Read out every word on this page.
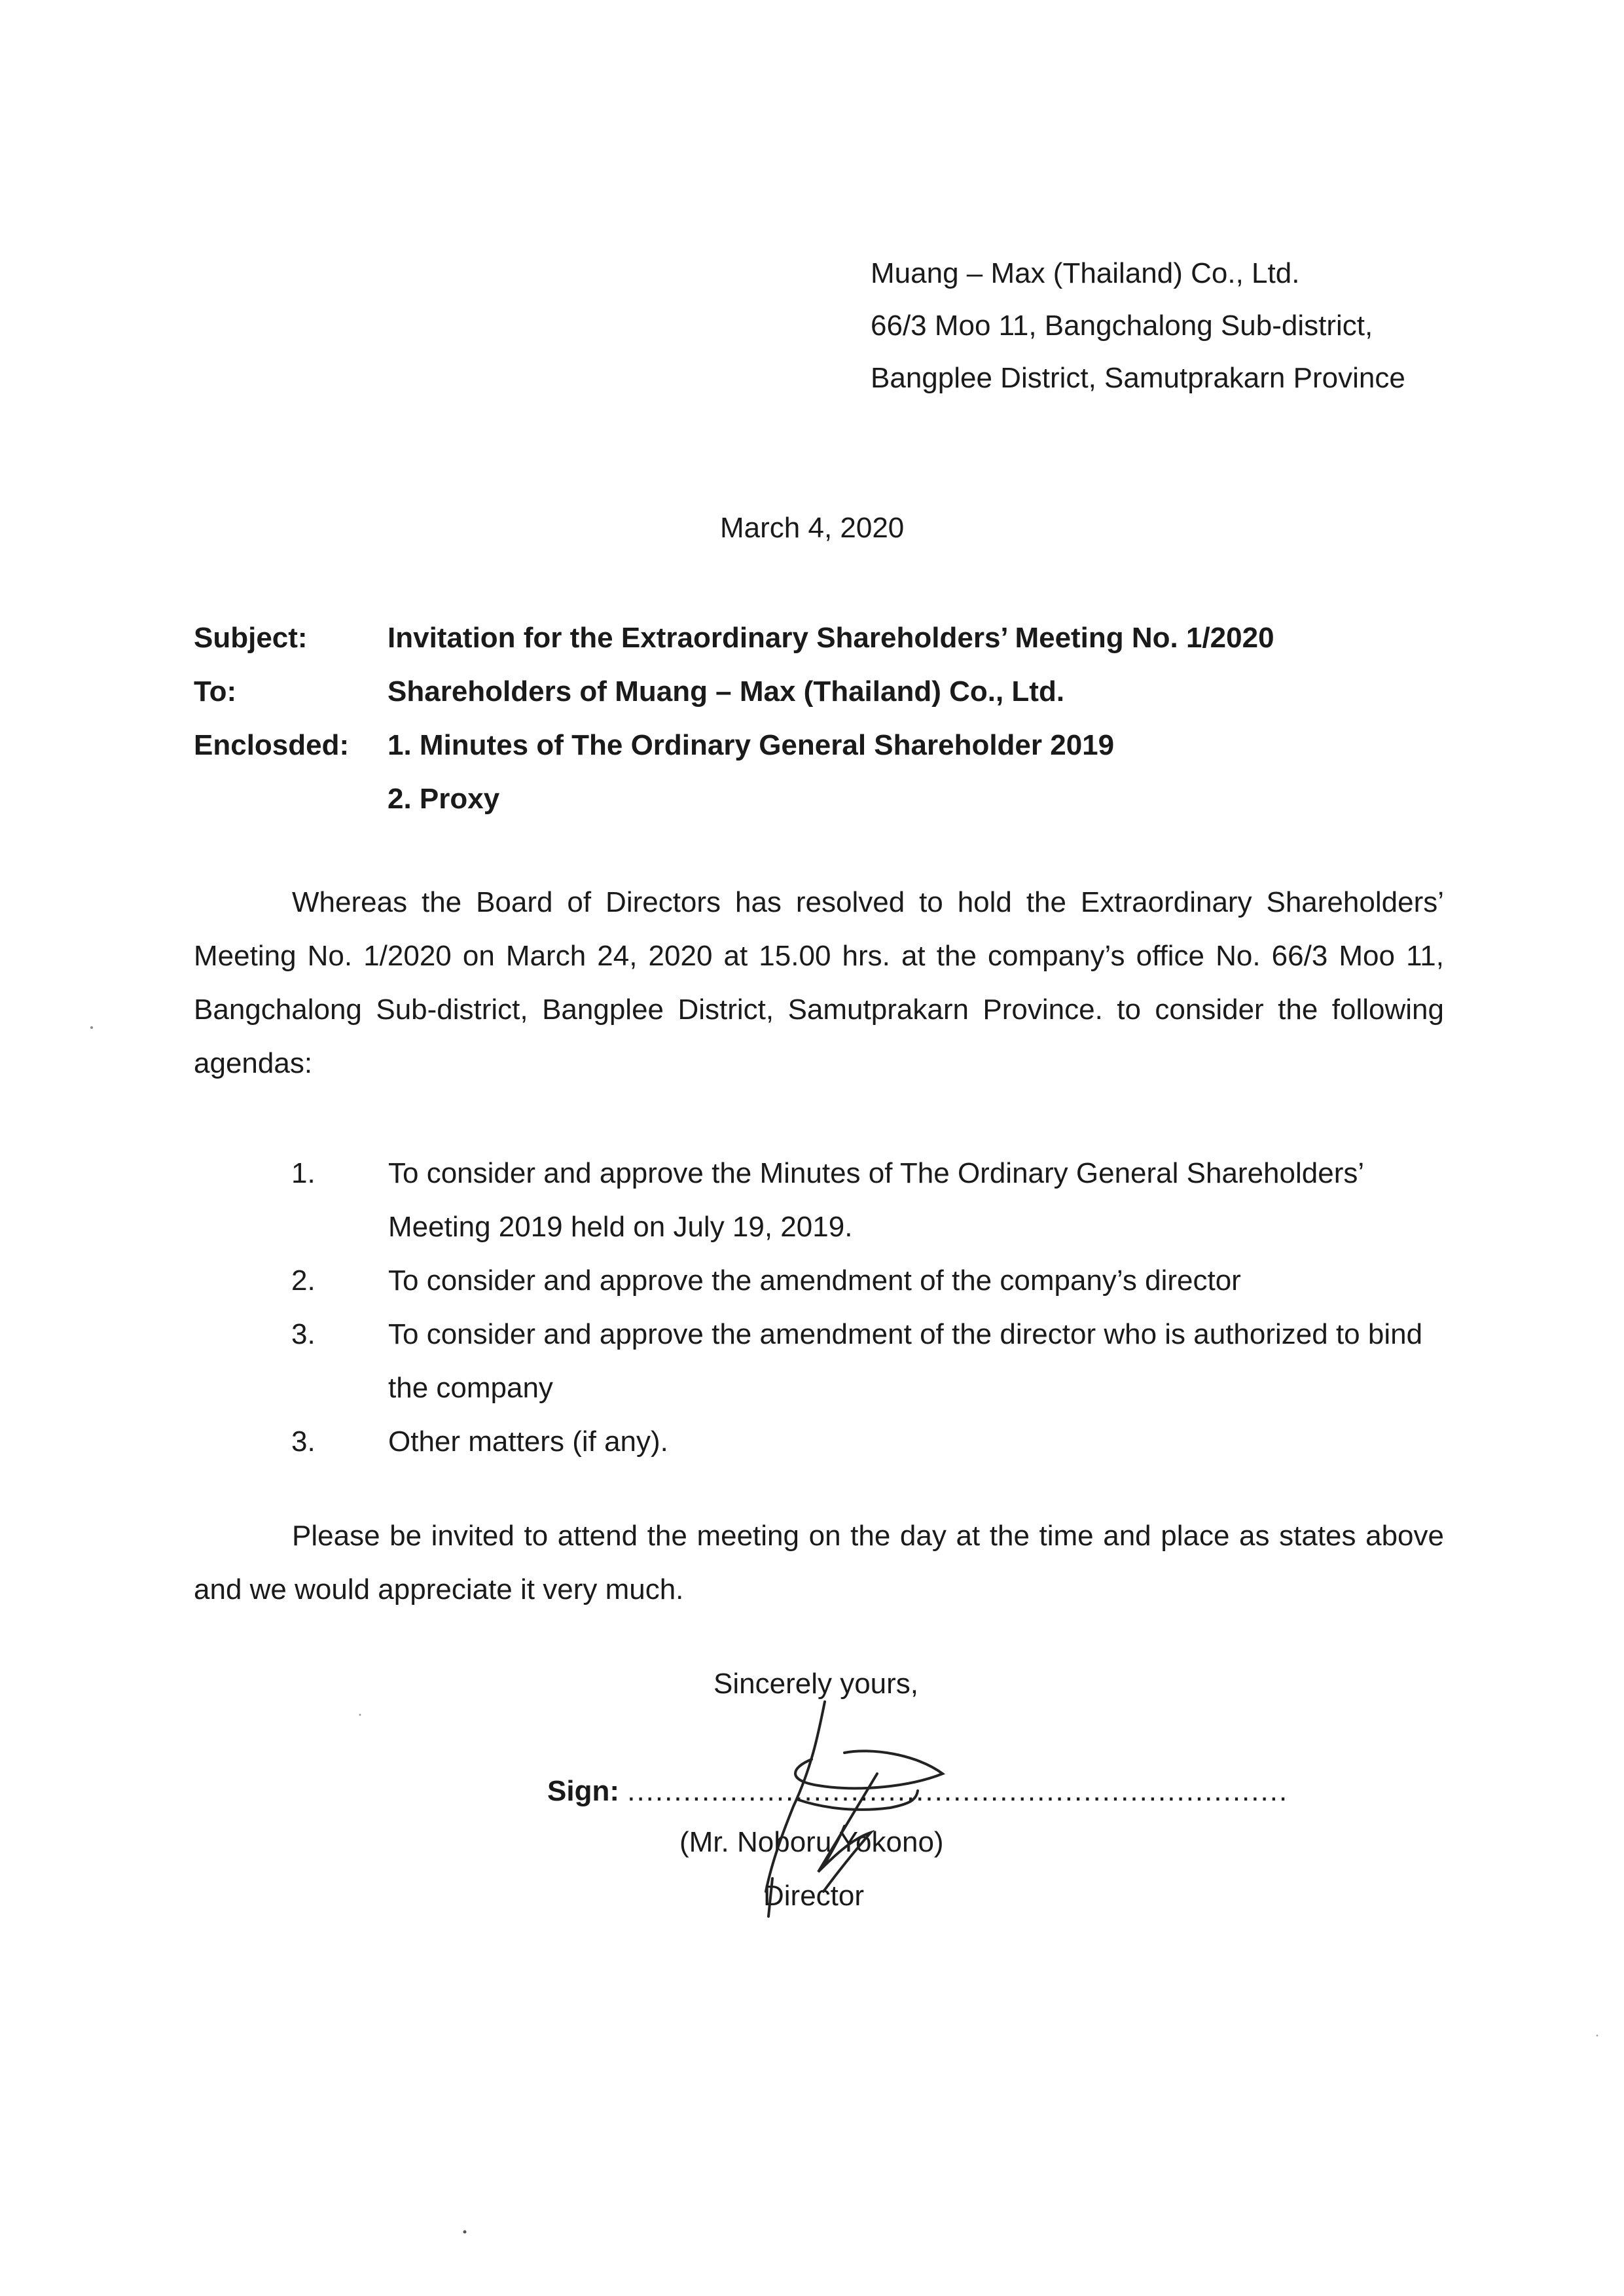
Muang – Max (Thailand) Co., Ltd.
66/3 Moo 11, Bangchalong Sub-district,
Bangplee District, Samutprakarn Province
March 4, 2020
Subject:	Invitation for the Extraordinary Shareholders’ Meeting No. 1/2020
To:	Shareholders of Muang – Max (Thailand) Co., Ltd.
Enclosded: 1. Minutes of The Ordinary General Shareholder 2019
2. Proxy
Whereas the Board of Directors has resolved to hold the Extraordinary Shareholders’ Meeting No. 1/2020 on March 24, 2020 at 15.00 hrs. at the company’s office No. 66/3 Moo 11, Bangchalong Sub-district, Bangplee District, Samutprakarn Province. to consider the following agendas:
1.	To consider and approve the Minutes of The Ordinary General Shareholders’ Meeting 2019 held on July 19, 2019.
2.	To consider and approve the amendment of the company’s director
3.	To consider and approve the amendment of the director who is authorized to bind the company
3.	Other matters (if any).
Please be invited to attend the meeting on the day at the time and place as states above and we would appreciate it very much.
Sincerely yours,
Sign: .......................................................................
(Mr. Noboru Yokono)
Director
